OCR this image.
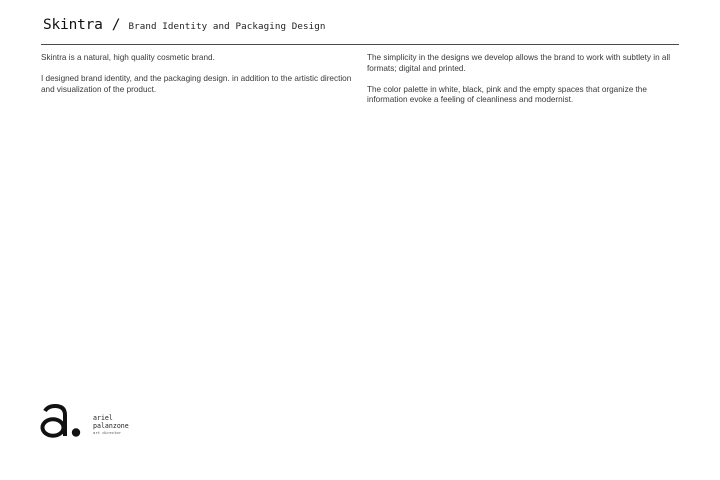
Skintra / Brand Identity and Packaging Design

Skintra is a natural, high quality cosmetic brand.

I designed brand identity, and the packaging design. in addition to the artistic direction and visualization of the product.

The simplicity in the designs we develop allows the brand to work with subtlety in all formats; digital and printed.

The color palette in white, black, pink and the empty spaces that organize the information evoke a feeling of cleanliness and modernist.

ariel
palanzone
art director
